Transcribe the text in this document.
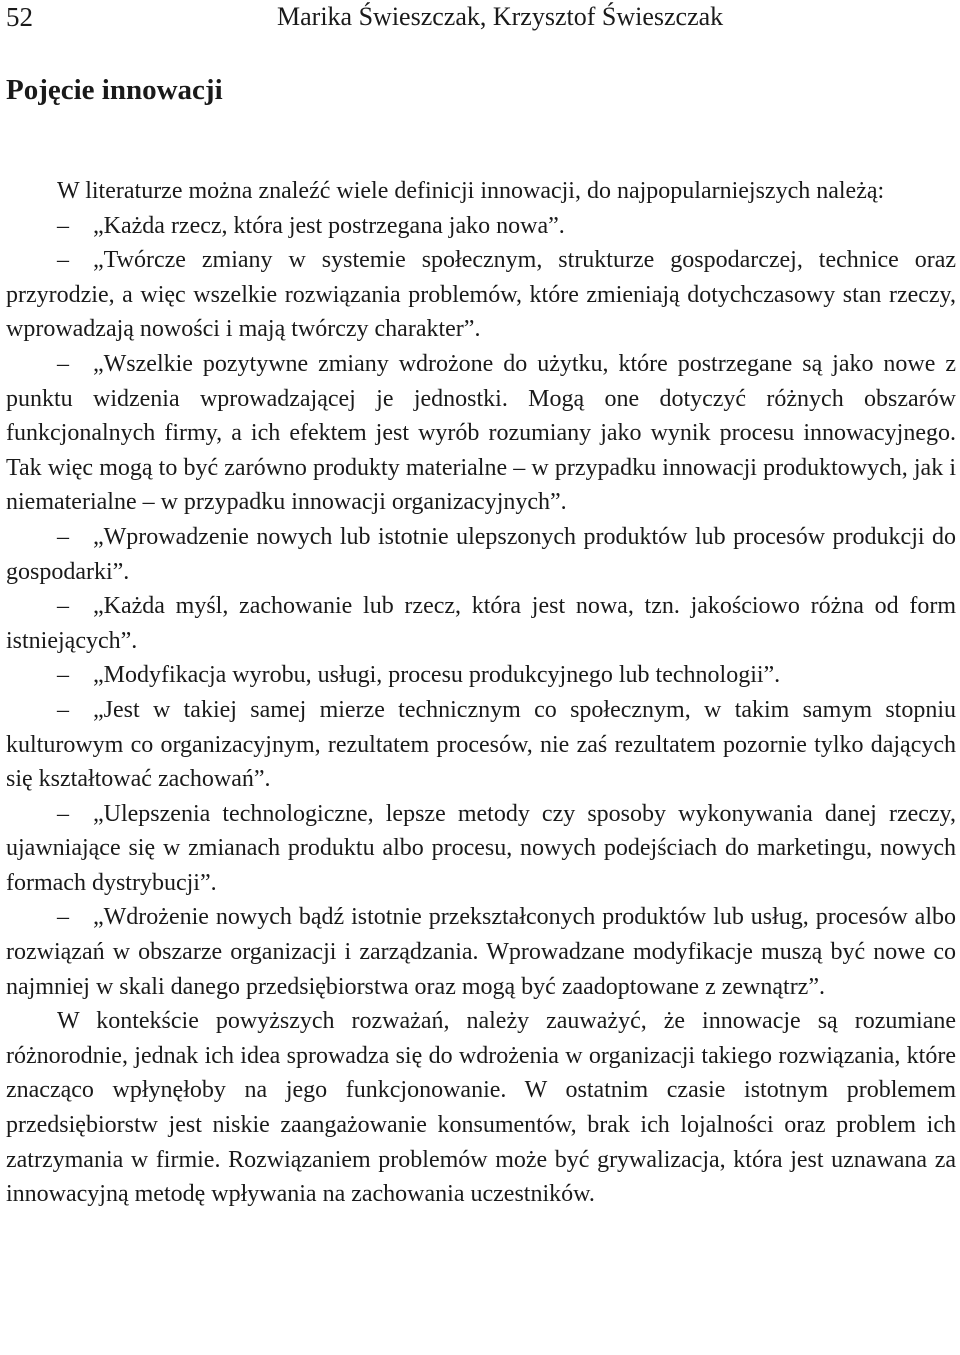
52	Marika Świeszczak, Krzysztof Świeszczak
Pojęcie innowacji

W literaturze można znaleźć wiele definicji innowacji, do najpopularniejszych należą:

– „Każda rzecz, która jest postrzegana jako nowa”.

– „Twórcze zmiany w systemie społecznym, strukturze gospodarczej, technice oraz przyrodzie, a więc wszelkie rozwiązania problemów, które zmieniają dotychczasowy stan rzeczy, wprowadzają nowości i mają twórczy charakter”.

– „Wszelkie pozytywne zmiany wdrożone do użytku, które postrzegane są jako nowe z punktu widzenia wprowadzającej je jednostki. Mogą one dotyczyć różnych obszarów funkcjonalnych firmy, a ich efektem jest wyrób rozumiany jako wynik procesu innowacyjnego. Tak więc mogą to być zarówno produkty materialne – w przypadku innowacji produktowych, jak i niematerialne – w przypadku innowacji organizacyjnych”.

– „Wprowadzenie nowych lub istotnie ulepszonych produktów lub procesów produkcji do gospodarki”.

– „Każda myśl, zachowanie lub rzecz, która jest nowa, tzn. jakościowo różna od form istniejących”.

– „Modyfikacja wyrobu, usługi, procesu produkcyjnego lub technologii”.

– „Jest w takiej samej mierze technicznym co społecznym, w takim samym stopniu kulturowym co organizacyjnym, rezultatem procesów, nie zaś rezultatem pozornie tylko dających się kształtować zachowań”.

– „Ulepszenia technologiczne, lepsze metody czy sposoby wykonywania danej rzeczy, ujawniające się w zmianach produktu albo procesu, nowych podejściach do marketingu, nowych formach dystrybucji”.

– „Wdrożenie nowych bądź istotnie przekształconych produktów lub usług, procesów albo rozwiązań w obszarze organizacji i zarządzania. Wprowadzane modyfikacje muszą być nowe co najmniej w skali danego przedsiębiorstwa oraz mogą być zaadoptowane z zewnątrz”.

W kontekście powyższych rozważań, należy zauważyć, że innowacje są rozumiane różnorodnie, jednak ich idea sprowadza się do wdrożenia w organizacji takiego rozwiązania, które znacząco wpłynęłoby na jego funkcjonowanie. W ostatnim czasie istotnym problemem przedsiębiorstw jest niskie zaangażowanie konsumentów, brak ich lojalności oraz problem ich zatrzymania w firmie. Rozwiązaniem problemów może być grywalizacja, która jest uznawana za innowacyjną metodę wpływania na zachowania uczestników.
